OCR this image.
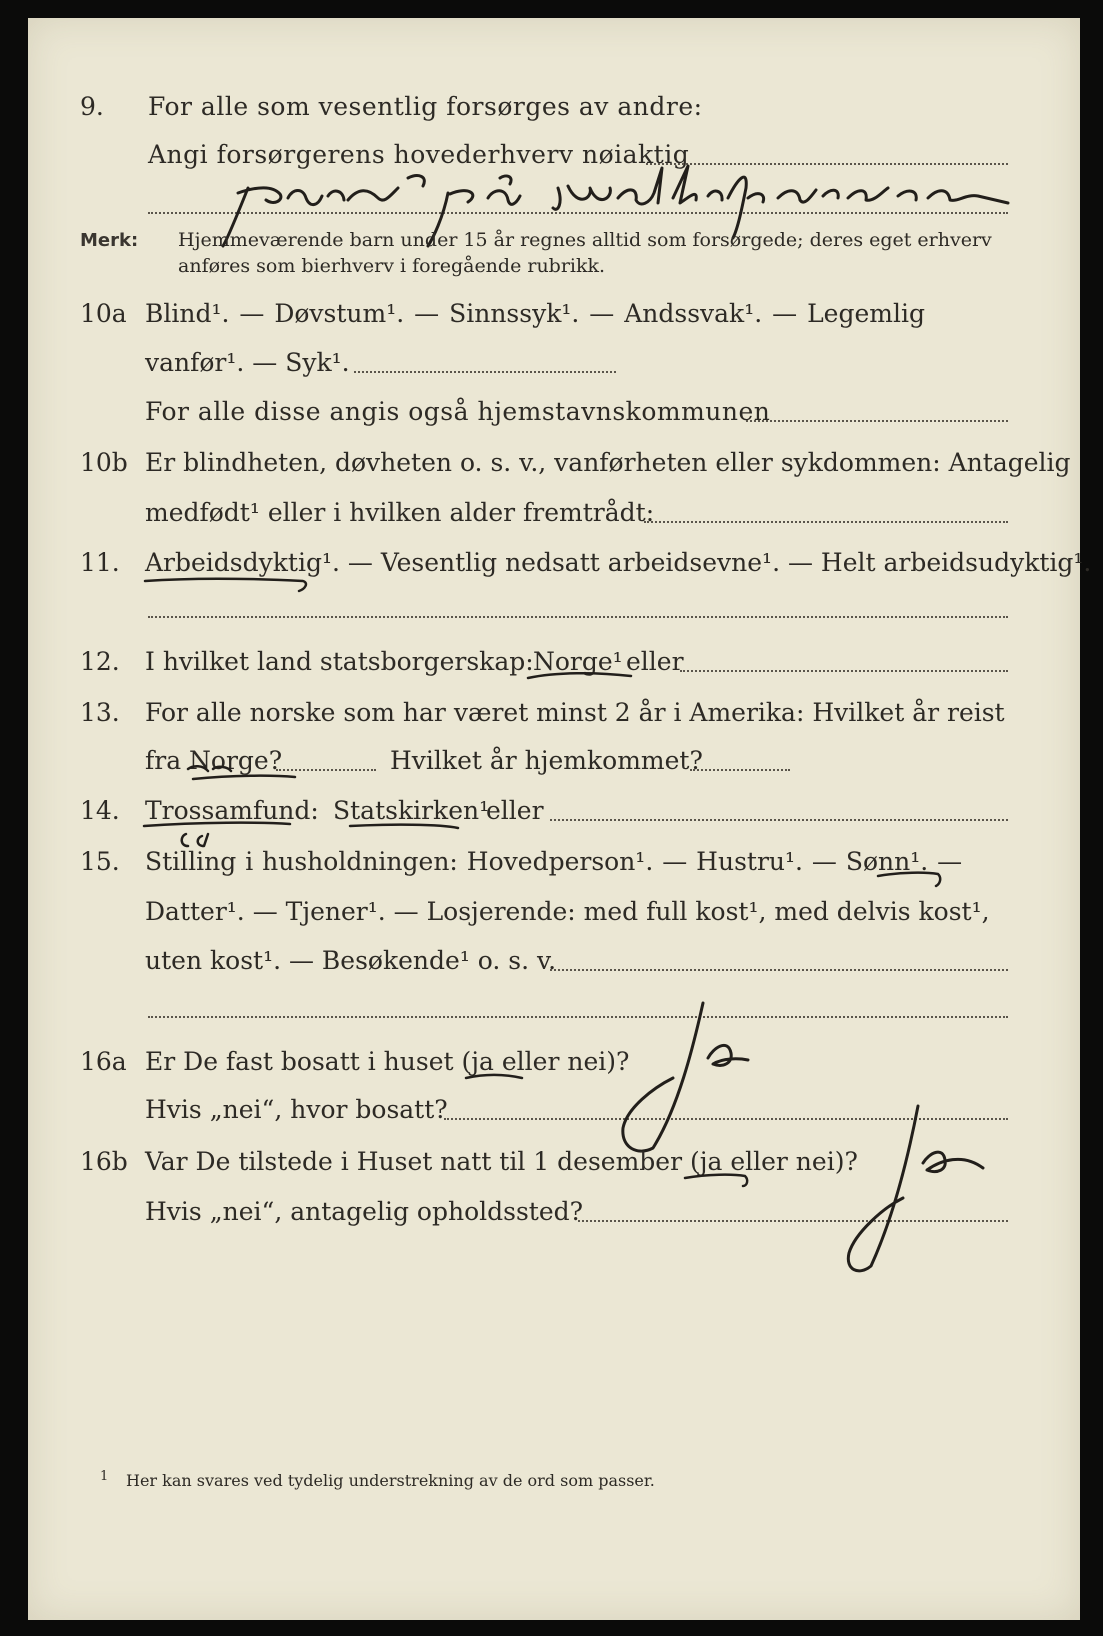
9. For alle som vesentlig forsørges av andre:
Angi forsørgerens hovederhverv nøiaktig
Merk: Hjemmeværende barn under 15 år regnes alltid som forsørgede; deres eget erhverv
anføres som bierhverv i foregående rubrikk.
10a Blind¹. — Døvstum¹. — Sinnssyk¹. — Andssvak¹. — Legemlig
vanfør¹. — Syk¹.
For alle disse angis også hjemstavnskommunen
10b Er blindheten, døvheten o. s. v., vanførheten eller sykdommen: Antagelig
medfødt¹ eller i hvilken alder fremtrådt:
11. Arbeidsdyktig¹. — Vesentlig nedsatt arbeidsevne¹. — Helt arbeidsudyktig¹.
12. I hvilket land statsborgerskap: Norge¹ eller
13. For alle norske som har været minst 2 år i Amerika: Hvilket år reist
fra Norge?	Hvilket år hjemkommet?
14. Trossamfund: Statskirken¹
eller
15. Stilling i husholdningen: Hovedperson¹. — Hustru¹. — Sønn¹. —
Datter¹. — Tjener¹. — Losjerende: med full kost¹, med delvis kost¹,
uten kost¹. — Besøkende¹ o. s. v.
16a Er De fast bosatt i huset (ja eller nei)?
Hvis „nei“, hvor bosatt?
16b Var De tilstede i Huset natt til 1 desember (ja eller nei)?
Hvis „nei“, antagelig opholdssted?
1 Her kan svares ved tydelig understrekning av de ord som passer.
